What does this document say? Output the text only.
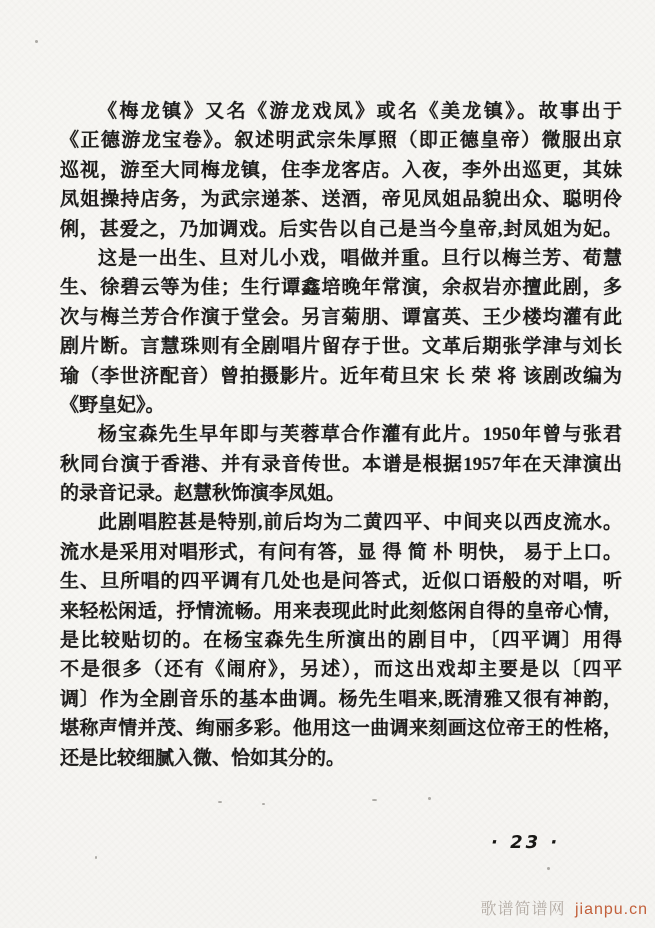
《梅龙镇》又名《游龙戏凤》或名《美龙镇》。故事出于
《正德游龙宝卷》。叙述明武宗朱厚照（即正德皇帝）微服出京
巡视，游至大同梅龙镇，住李龙客店。入夜，李外出巡更，其妹
凤姐操持店务，为武宗递茶、送酒，帝见凤姐品貌出众、聪明伶
俐，甚爱之，乃加调戏。后实告以自己是当今皇帝,封凤姐为妃。
这是一出生、旦对儿小戏，唱做并重。旦行以梅兰芳、荀慧
生、徐碧云等为佳；生行谭鑫培晚年常演，余叔岩亦擅此剧，多
次与梅兰芳合作演于堂会。另言菊朋、谭富英、王少楼均灌有此
剧片断。言慧珠则有全剧唱片留存于世。文革后期张学津与刘长
瑜（李世济配音）曾拍摄影片。近年荀旦宋 长 荣 将 该剧改编为
《野皇妃》。
杨宝森先生早年即与芙蓉草合作灌有此片。1950年曾与张君
秋同台演于香港、并有录音传世。本谱是根据1957年在天津演出
的录音记录。赵慧秋饰演李凤姐。
此剧唱腔甚是特别,前后均为二黄四平、中间夹以西皮流水。
流水是采用对唱形式，有问有答，显 得 简 朴 明快， 易于上口。
生、旦所唱的四平调有几处也是问答式，近似口语般的对唱，听
来轻松闲适，抒情流畅。用来表现此时此刻悠闲自得的皇帝心情，
是比较贴切的。在杨宝森先生所演出的剧目中，〔四平调〕用得
不是很多（还有《闹府》，另述），而这出戏却主要是以〔四平
调〕作为全剧音乐的基本曲调。杨先生唱来,既清雅又很有神韵，
堪称声情并茂、绚丽多彩。他用这一曲调来刻画这位帝王的性格，
还是比较细腻入微、恰如其分的。
· 23 ·
歌谱简谱网 jianpu.cn
